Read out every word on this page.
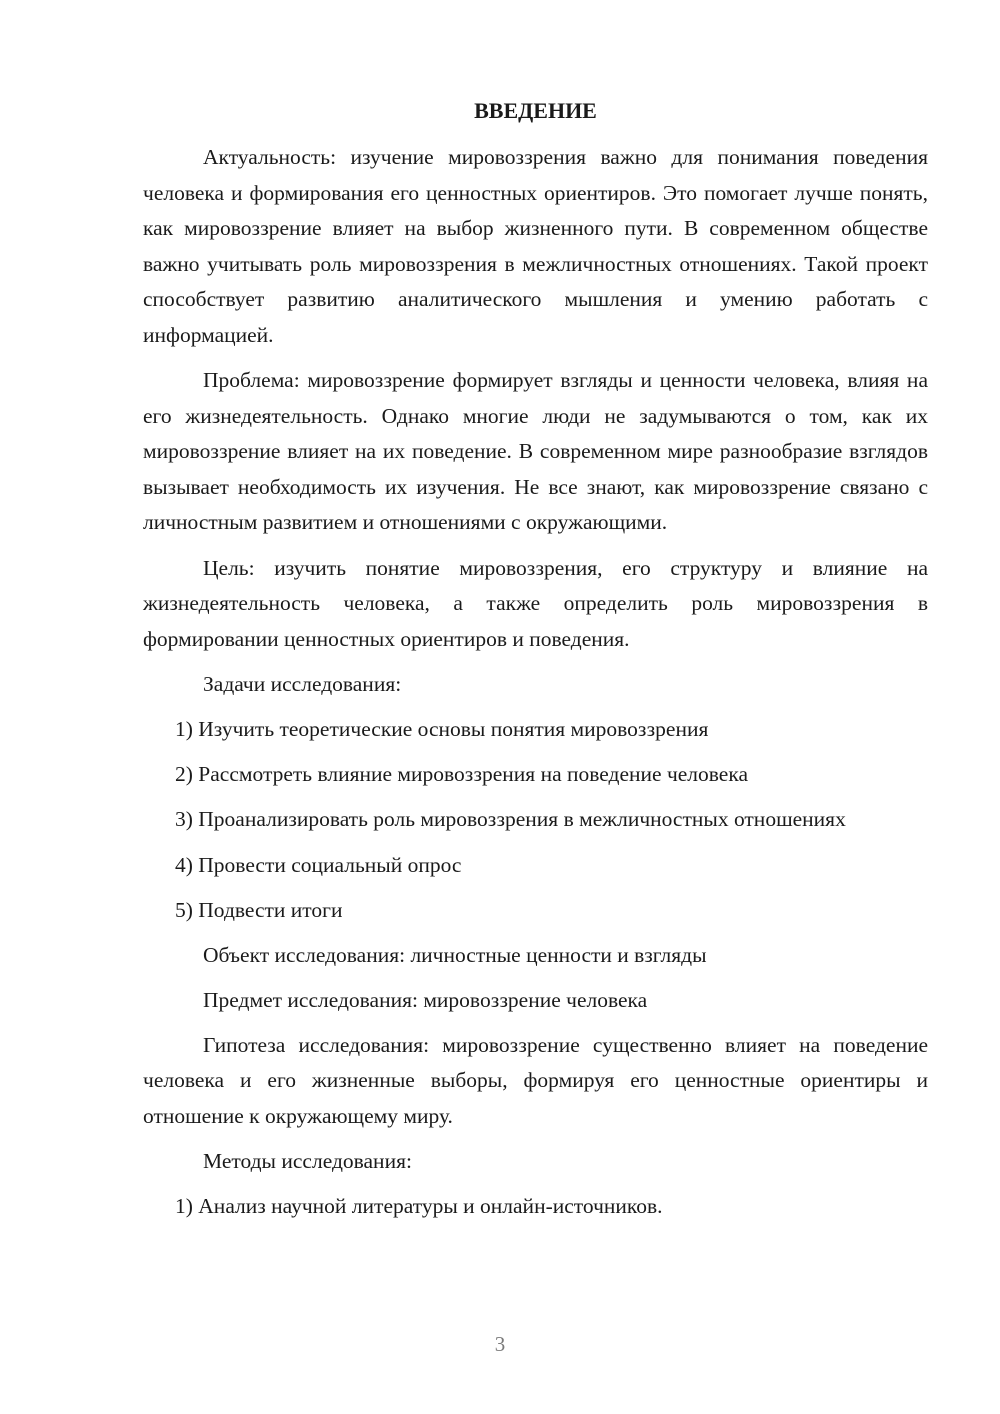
ВВЕДЕНИЕ

Актуальность: изучение мировоззрения важно для понимания поведения человека и формирования его ценностных ориентиров. Это помогает лучше понять, как мировоззрение влияет на выбор жизненного пути. В современном обществе важно учитывать роль мировоззрения в межличностных отношениях. Такой проект способствует развитию аналитического мышления и умению работать с информацией.

Проблема: мировоззрение формирует взгляды и ценности человека, влияя на его жизнедеятельность. Однако многие люди не задумываются о том, как их мировоззрение влияет на их поведение. В современном мире разнообразие взглядов вызывает необходимость их изучения. Не все знают, как мировоззрение связано с личностным развитием и отношениями с окружающими.

Цель: изучить понятие мировоззрения, его структуру и влияние на жизнедеятельность человека, а также определить роль мировоззрения в формировании ценностных ориентиров и поведения.

Задачи исследования:

1) Изучить теоретические основы понятия мировоззрения

2) Рассмотреть влияние мировоззрения на поведение человека

3) Проанализировать роль мировоззрения в межличностных отношениях

4) Провести социальный опрос

5) Подвести итоги

Объект исследования: личностные ценности и взгляды

Предмет исследования: мировоззрение человека

Гипотеза исследования: мировоззрение существенно влияет на поведение человека и его жизненные выборы, формируя его ценностные ориентиры и отношение к окружающему миру.

Методы исследования:

1) Анализ научной литературы и онлайн-источников.

3
